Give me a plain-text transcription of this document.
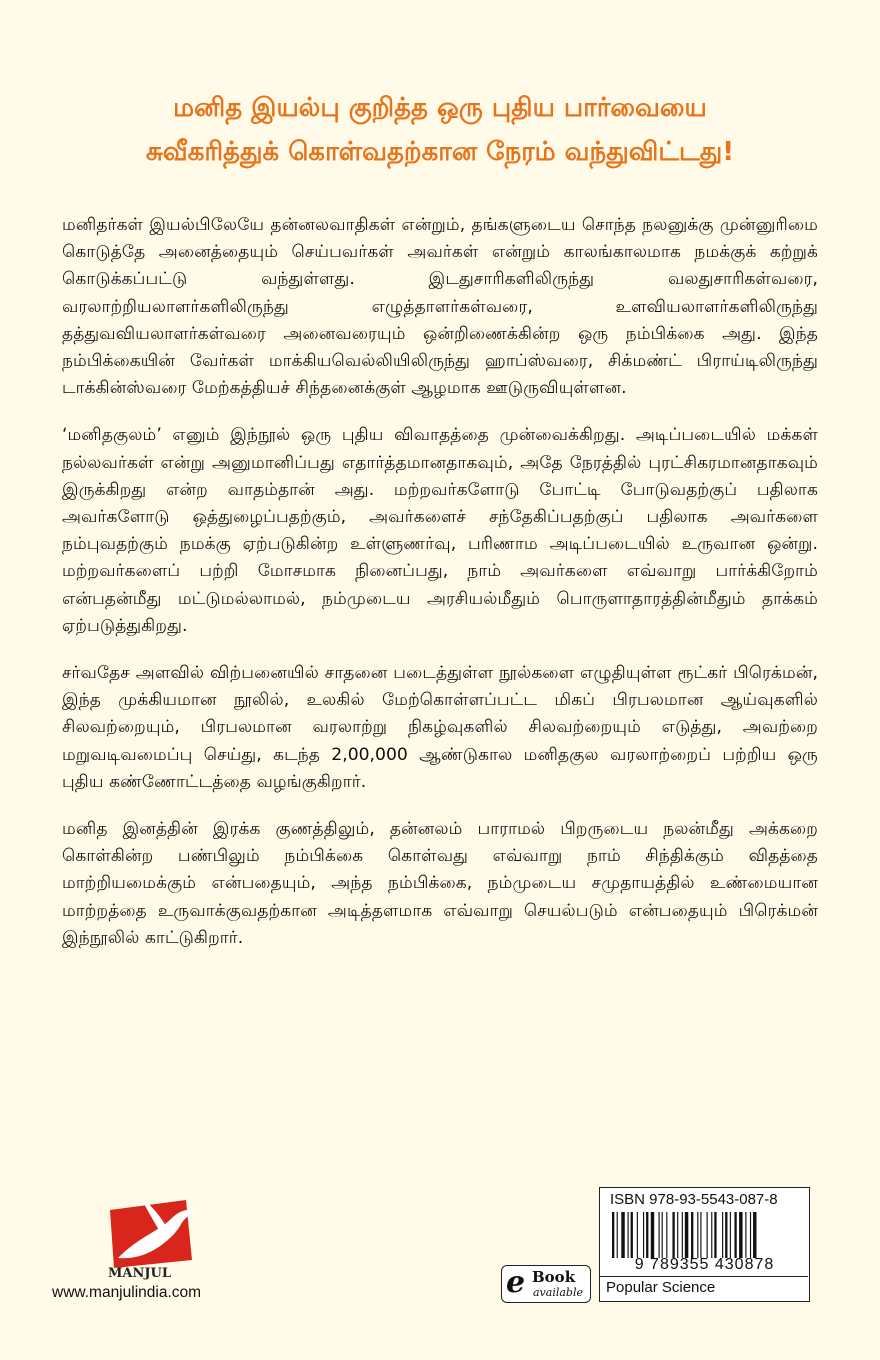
மனித இயல்பு குறித்த ஒரு புதிய பார்வையை
சுவீகரித்துக் கொள்வதற்கான நேரம் வந்துவிட்டது!

மனிதர்கள் இயல்பிலேயே தன்னலவாதிகள் என்றும், தங்களுடைய சொந்த நலனுக்கு முன்னுரிமை கொடுத்தே அனைத்தையும் செய்பவர்கள் அவர்கள் என்றும் காலங்காலமாக நமக்குக் கற்றுக் கொடுக்கப்பட்டு வந்துள்ளது. இடதுசாரிகளிலிருந்து வலதுசாரிகள்வரை, வரலாற்றியலாளர்களிலிருந்து எழுத்தாளர்கள்வரை, உளவியலாளர்களிலிருந்து தத்துவவியலாளர்கள்வரை அனைவரையும் ஒன்றிணைக்கின்ற ஒரு நம்பிக்கை அது. இந்த நம்பிக்கையின் வேர்கள் மாக்கியவெல்லியிலிருந்து ஹாப்ஸ்வரை, சிக்மண்ட் பிராய்டிலிருந்து டாக்கின்ஸ்வரை மேற்கத்தியச் சிந்தனைக்குள் ஆழமாக ஊடுருவியுள்ளன.

‘மனிதகுலம்’ எனும் இந்நூல் ஒரு புதிய விவாதத்தை முன்வைக்கிறது. அடிப்படையில் மக்கள் நல்லவர்கள் என்று அனுமானிப்பது எதார்த்தமானதாகவும், அதே நேரத்தில் புரட்சிகரமானதாகவும் இருக்கிறது என்ற வாதம்தான் அது. மற்றவர்களோடு போட்டி போடுவதற்குப் பதிலாக அவர்களோடு ஒத்துழைப்பதற்கும், அவர்களைச் சந்தேகிப்பதற்குப் பதிலாக அவர்களை நம்புவதற்கும் நமக்கு ஏற்படுகின்ற உள்ளுணர்வு, பரிணாம அடிப்படையில் உருவான ஒன்று. மற்றவர்களைப் பற்றி மோசமாக நினைப்பது, நாம் அவர்களை எவ்வாறு பார்க்கிறோம் என்பதன்மீது மட்டுமல்லாமல், நம்முடைய அரசியல்மீதும் பொருளாதாரத்தின்மீதும் தாக்கம் ஏற்படுத்துகிறது.

சர்வதேச அளவில் விற்பனையில் சாதனை படைத்துள்ள நூல்களை எழுதியுள்ள ரூட்கர் பிரெக்மன், இந்த முக்கியமான நூலில், உலகில் மேற்கொள்ளப்பட்ட மிகப் பிரபலமான ஆய்வுகளில் சிலவற்றையும், பிரபலமான வரலாற்று நிகழ்வுகளில் சிலவற்றையும் எடுத்து, அவற்றை மறுவடிவமைப்பு செய்து, கடந்த 2,00,000 ஆண்டுகால மனிதகுல வரலாற்றைப் பற்றிய ஒரு புதிய கண்ணோட்டத்தை வழங்குகிறார்.

மனித இனத்தின் இரக்க குணத்திலும், தன்னலம் பாராமல் பிறருடைய நலன்மீது அக்கறை கொள்கின்ற பண்பிலும் நம்பிக்கை கொள்வது எவ்வாறு நாம் சிந்திக்கும் விதத்தை மாற்றியமைக்கும் என்பதையும், அந்த நம்பிக்கை, நம்முடைய சமுதாயத்தில் உண்மையான மாற்றத்தை உருவாக்குவதற்கான அடித்தளமாக எவ்வாறு செயல்படும் என்பதையும் பிரெக்மன் இந்நூலில் காட்டுகிறார்.

MANJUL
www.manjulindia.com	e Book
available
ISBN 978-93-5543-087-8
9 789355 430878
Popular Science
